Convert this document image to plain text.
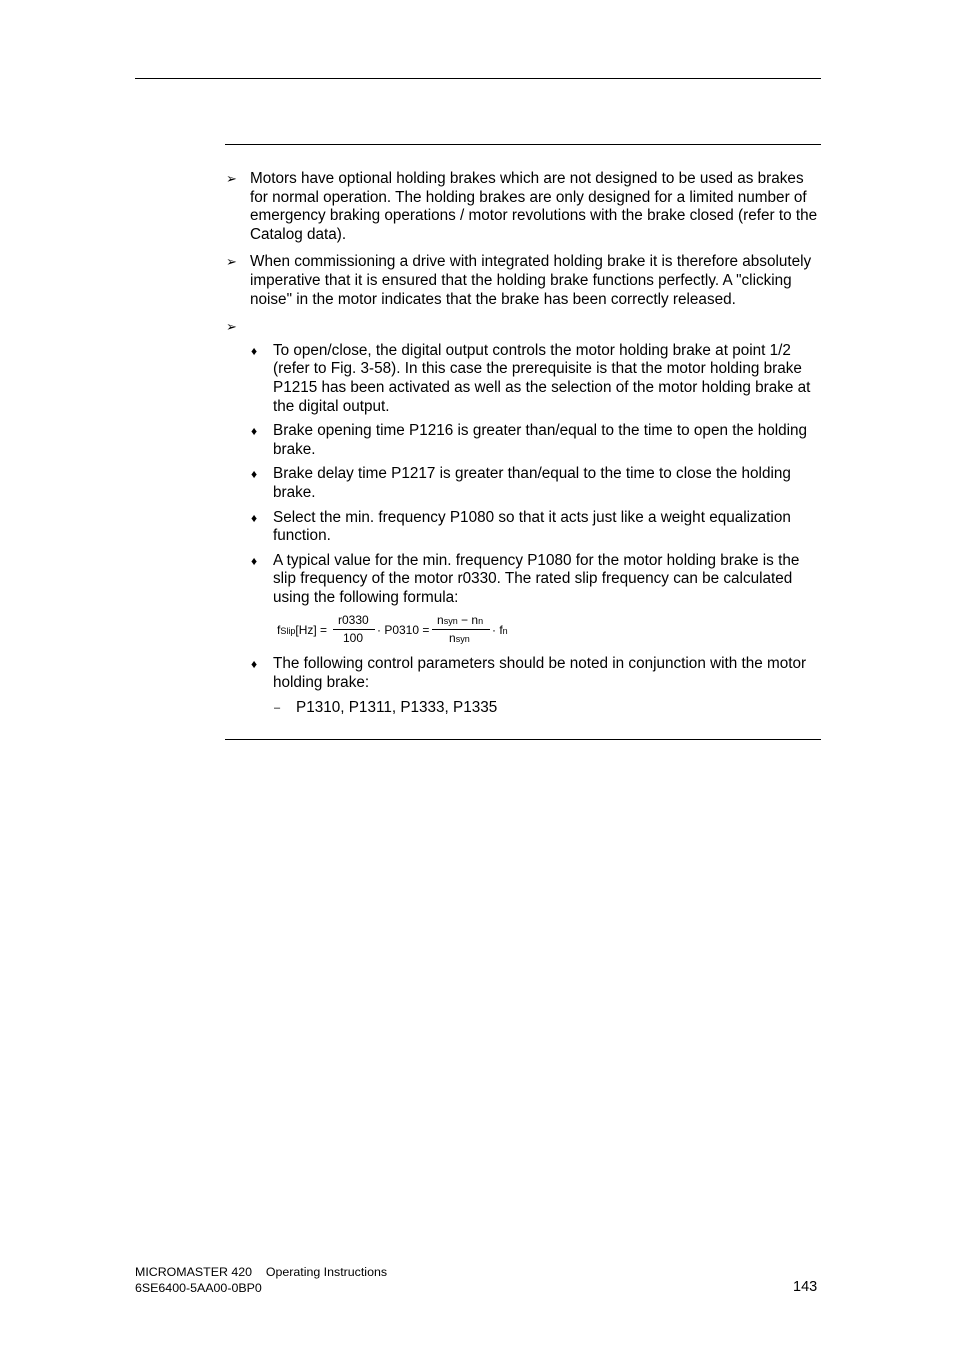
➢ Motors have optional holding brakes which are not designed to be used as brakes for normal operation. The holding brakes are only designed for a limited number of emergency braking operations / motor revolutions with the brake closed (refer to the Catalog data).
➢ When commissioning a drive with integrated holding brake it is therefore absolutely imperative that it is ensured that the holding brake functions perfectly. A "clicking noise" in the motor indicates that the brake has been correctly released.
➢
♦ To open/close, the digital output controls the motor holding brake at point 1/2 (refer to Fig. 3-58). In this case the prerequisite is that the motor holding brake P1215 has been activated as well as the selection of the motor holding brake at the digital output.
♦ Brake opening time P1216 is greater than/equal to the time to open the holding brake.
♦ Brake delay time P1217 is greater than/equal to the time to close the holding brake.
♦ Select the min. frequency P1080 so that it acts just like a weight equalization function.
♦ A typical value for the min. frequency P1080 for the motor holding brake is the slip frequency of the motor r0330. The rated slip frequency can be calculated using the following formula:
fSlip[Hz] =
r0330
100
· P0310 =
nsyn − nn
nsyn
· fn
♦ The following control parameters should be noted in conjunction with the motor holding brake:
– P1310, P1311, P1333, P1335
MICROMASTER 420 Operating Instructions
6SE6400-5AA00-0BP0	143
